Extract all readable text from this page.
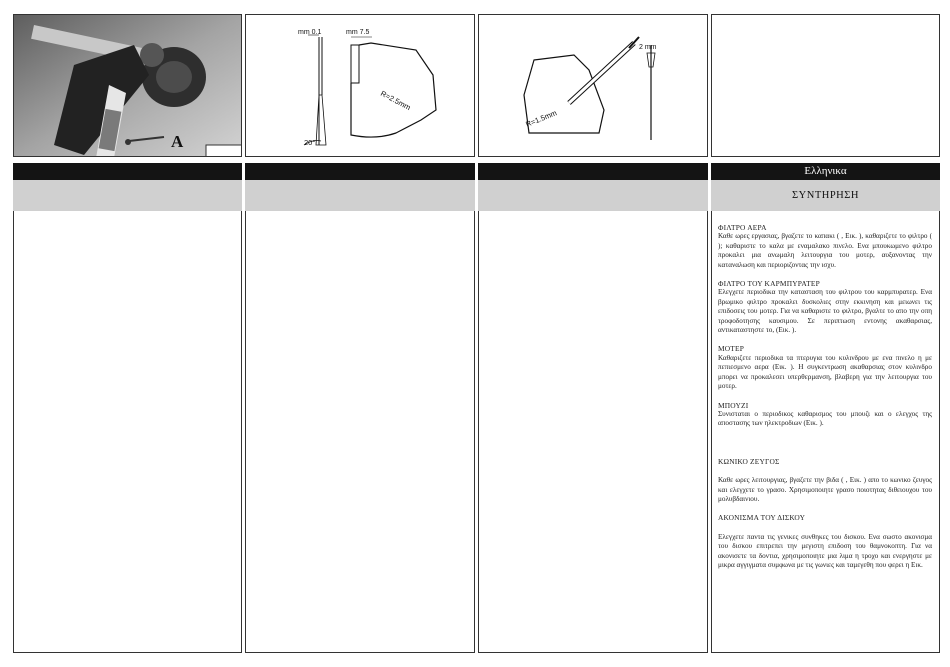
A
mm 0.1	mm 7.5
R=2.5mm
20°
2 mm
R=1.5mm
Ελληνικα
ΣΥΝΤΗΡΗΣΗ
ΦΙΛΤΡΟ ΑΕΡΑ

Καθε ωρες εργασιας, βγαζετε το καπακι ( , Εικ. ), καθαριζετε το φιλτρο ( ); καθαριστε το καλα με εναμαλακο πινελο. Ενα μπουκωμενο φιλτρο προκαλει μια ανωμαλη λειτουργια του μοτερ, αυξανοντας την καταναλωση και περιοριζοντας την ισχυ.

ΦΙΛΤΡΟ ΤΟΥ ΚΑΡΜΠΥΡΑΤΕΡ

Ελεγχετε περιοδικα την κατασταση του φιλτρου του καρμπυρατερ. Ενα βρωμικο φιλτρο προκαλει δυσκολιες στην εκκινηση και μειωνει τις επιδοσεις του μοτερ. Για να καθαριστε το φιλτρο, βγαλτε το απο την οπη τροφοδοτησης καυσιμου. Σε περιπτωση εντονης ακαθαρσιας, αντικαταστηστε το, (Εικ. ).

ΜΟΤΕΡ

Καθαριζετε περιοδικα τα πτερυγια του κυλινδρου με ενα πινελο η με πεπιεσμενο αερα (Εικ. ). Η συγκεντρωση ακαθαρσιας στον κυλινδρο μπορει να προκαλεσει υπερθερμανση, βλαβερη για την λειτουργια του μοτερ.

ΜΠΟΥΖΙ

Συνισταται ο περιοδικος καθαρισμος του μπουζι και ο ελεγχος της αποστασης των ηλεκτροδιων (Εικ. ).

ΚΩΝΙΚΟ ΖΕΥΓΟΣ

Καθε ωρες λειτουργιας, βγαζετε την βιδα ( , Εικ. ) απο το κωνικο ζευγος και ελεγχετε το γρασο. Χρησιμοποιητε γρασο ποιοτητας διθειουχου του μολυβδαινιου.

ΑΚΟΝΙΣΜΑ ΤΟΥ ΔΙΣΚΟΥ

Ελεγχετε παντα τις γενικες συνθηκες του δισκου. Ενα σωστο ακονισμα του δισκου επιτρεπει την μεγιστη επιδοση του θαμνοκοπτη. Για να ακονισετε τα δοντια, χρησιμοποιητε μια λιμα η τροχο και ενεργηστε με μικρα αγγιγματα συμφωνα με τις γωνιες και ταμεγεθη που φερει η Εικ.
